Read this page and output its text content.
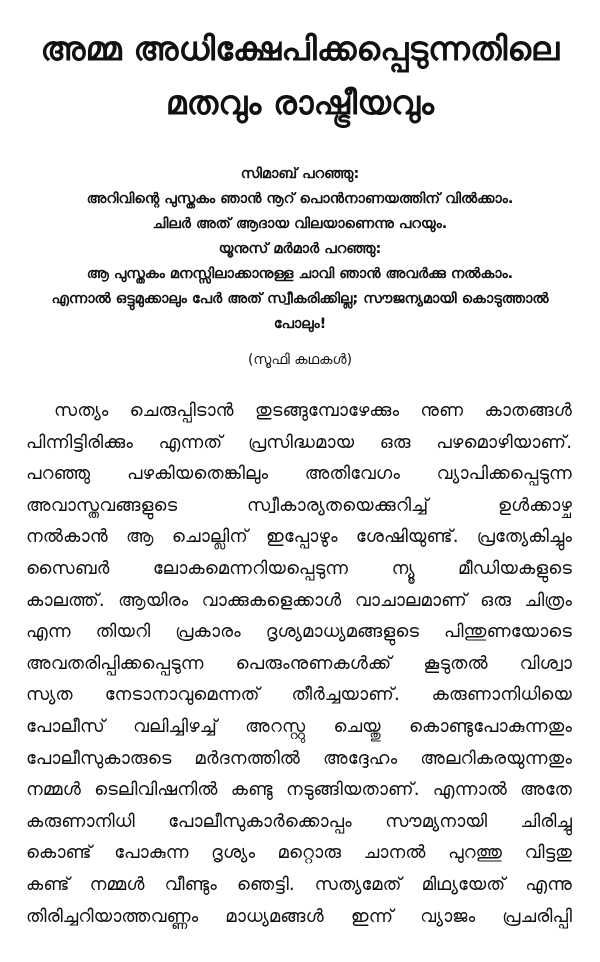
അമ്മ അധിക്ഷേപിക്കപ്പെടുന്നതിലെ
മതവും രാഷ്ട്രീയവും
സിമാബ് പറഞ്ഞു:
അറിവിന്റെ പുസ്തകം ഞാൻ നൂറ് പൊൻനാണയത്തിന് വിൽക്കാം.
ചിലർ അത് ആദായ വിലയാണെന്നു പറയും.
യൂനുസ് മർമാർ പറഞ്ഞു:
ആ പുസ്തകം മനസ്സിലാക്കാനുള്ള ചാവി ഞാൻ അവർക്കു നൽകാം.
എന്നാൽ ഒട്ടുമുക്കാലും പേർ അത് സ്വീകരിക്കില്ല; സൗജന്യമായി കൊടുത്താൽ പോലും!
(സൂഫി കഥകൾ)
സത്യം ചെരുപ്പിടാൻ തുടങ്ങുമ്പോഴേക്കും നുണ കാതങ്ങൾ
പിന്നിട്ടിരിക്കും എന്നത് പ്രസിദ്ധമായ ഒരു പഴമൊഴിയാണ്.
പറഞ്ഞു പഴകിയതെങ്കിലും അതിവേഗം വ്യാപിക്കപ്പെടുന്ന
അവാസ്തവങ്ങളുടെ സ്വീകാര്യതയെക്കുറിച്ച് ഉൾക്കാഴ്ച
നൽകാൻ ആ ചൊല്ലിന് ഇപ്പോഴും ശേഷിയുണ്ട്. പ്രത്യേകിച്ചും
സൈബർ ലോകമെന്നറിയപ്പെടുന്ന ന്യൂ മീഡിയകളുടെ
കാലത്ത്. ആയിരം വാക്കുകളെക്കാൾ വാചാലമാണ് ഒരു ചിത്രം
എന്ന തിയറി പ്രകാരം ദൃശ്യമാധ്യമങ്ങളുടെ പിന്തുണയോടെ
അവതരിപ്പിക്കപ്പെടുന്ന പെരുംനുണകൾക്ക് കൂടുതൽ വിശ്വാ
സ്യത നേടാനാവുമെന്നത് തീർച്ചയാണ്. കരുണാനിധിയെ
പോലീസ് വലിച്ചിഴച്ച് അറസ്റ്റു ചെയ്തു കൊണ്ടുപോകുന്നതും
പോലീസുകാരുടെ മർദനത്തിൽ അദ്ദേഹം അലറികരയുന്നതും
നമ്മൾ ടെലിവിഷനിൽ കണ്ടു നടുങ്ങിയതാണ്. എന്നാൽ അതേ
കരുണാനിധി പോലീസുകാർക്കൊപ്പം സൗമ്യനായി ചിരിച്ചു
കൊണ്ട് പോകുന്ന ദൃശ്യം മറ്റൊരു ചാനൽ പുറത്തു വിട്ടതു
കണ്ട് നമ്മൾ വീണ്ടും ഞെട്ടി. സത്യമേത് മിഥ്യയേത് എന്നു
തിരിച്ചറിയാത്തവണ്ണം മാധ്യമങ്ങൾ ഇന്ന് വ്യാജം പ്രചരിപ്പി
